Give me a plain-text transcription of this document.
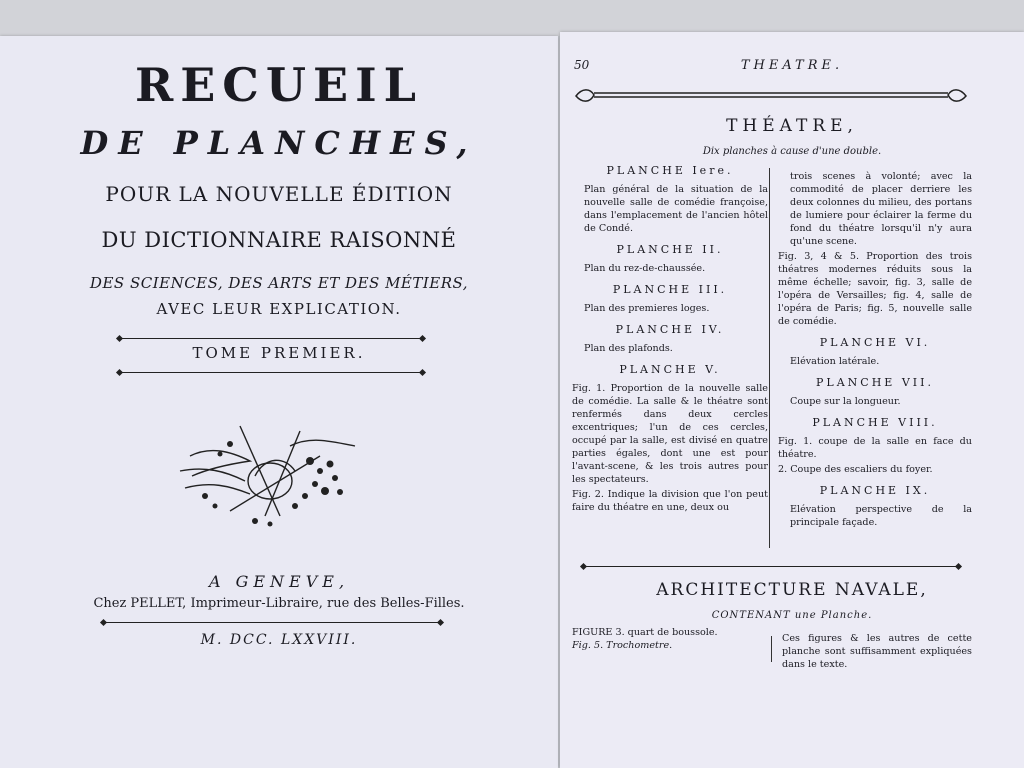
RECUEIL
DE PLANCHES,
POUR LA NOUVELLE ÉDITION
DU DICTIONNAIRE RAISONNÉ
DES SCIENCES, DES ARTS ET DES MÉTIERS,
AVEC LEUR EXPLICATION.
TOME PREMIER.
A GENEVE,
Chez PELLET, Imprimeur-Libraire, rue des Belles-Filles.
M. DCC. LXXVIII.
50	THEATRE.
THÉATRE,
Dix planches à cause d'une double.
PLANCHE Iere.
Plan général de la situation de la nouvelle salle de comédie françoise, dans l'emplacement de l'ancien hôtel de Condé.
PLANCHE II.
Plan du rez-de-chaussée.
PLANCHE III.
Plan des premieres loges.
PLANCHE IV.
Plan des plafonds.
PLANCHE V.
Fig. 1. Proportion de la nouvelle salle de comédie. La salle & le théatre sont renfermés dans deux cercles excentriques; l'un de ces cercles, occupé par la salle, est divisé en quatre parties égales, dont une est pour l'avant-scene, & les trois autres pour les spectateurs.
Fig. 2. Indique la division que l'on peut faire du théatre en une, deux ou
trois scenes à volonté; avec la commodité de placer derriere les deux colonnes du milieu, des portans de lumiere pour éclairer la ferme du fond du théatre lorsqu'il n'y aura qu'une scene.
Fig. 3, 4 & 5. Proportion des trois théatres modernes réduits sous la même échelle; savoir, fig. 3, salle de l'opéra de Versailles; fig. 4, salle de l'opéra de Paris; fig. 5, nouvelle salle de comédie.
PLANCHE VI.
Elévation latérale.
PLANCHE VII.
Coupe sur la longueur.
PLANCHE VIII.
Fig. 1. coupe de la salle en face du théatre.
2. Coupe des escaliers du foyer.
PLANCHE IX.
Elévation perspective de la principale façade.
ARCHITECTURE NAVALE,
CONTENANT une Planche.
FIGURE 3. quart de boussole.
Fig. 5. Trochometre.
Ces figures & les autres de cette planche sont suffisamment expliquées dans le texte.
